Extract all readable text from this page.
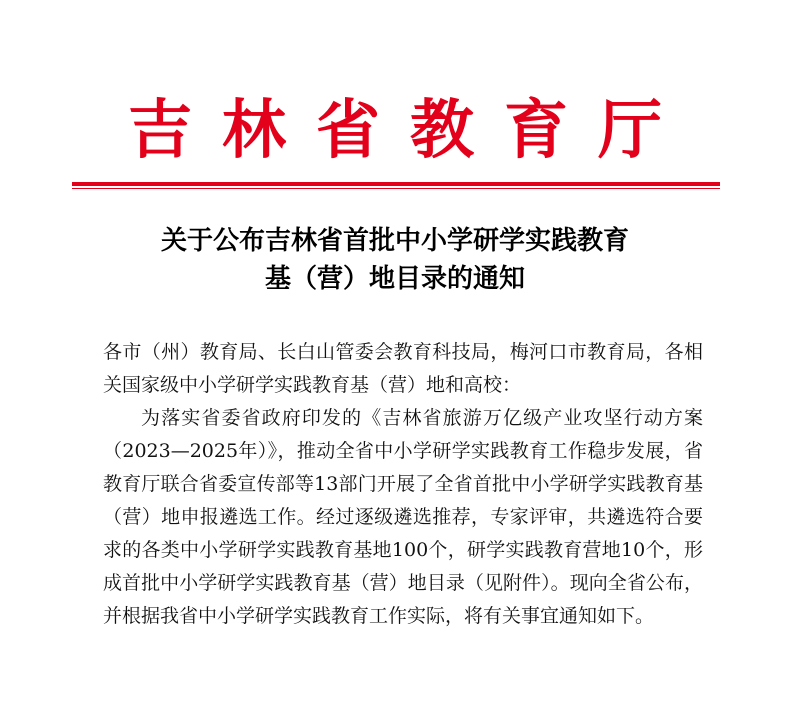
吉林省教育厅
关于公布吉林省首批中小学研学实践教育
基（营）地目录的通知

各市（州）教育局、长白山管委会教育科技局，梅河口市教育局，各相关国家级中小学研学实践教育基（营）地和高校：

为落实省委省政府印发的《吉林省旅游万亿级产业攻坚行动方案（2023—2025年）》，推动全省中小学研学实践教育工作稳步发展，省教育厅联合省委宣传部等13部门开展了全省首批中小学研学实践教育基（营）地申报遴选工作。经过逐级遴选推荐，专家评审，共遴选符合要求的各类中小学研学实践教育基地100个，研学实践教育营地10个，形成首批中小学研学实践教育基（营）地目录（见附件）。现向全省公布，并根据我省中小学研学实践教育工作实际，将有关事宜通知如下。
